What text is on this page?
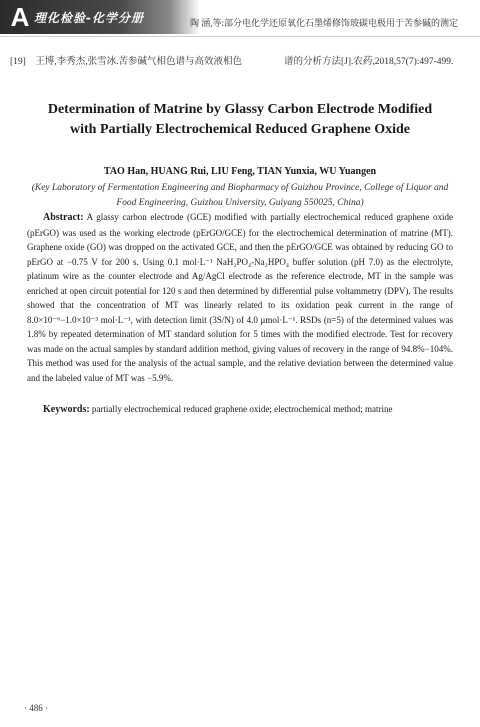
A 理化检验-化学分册	陶 涵,等:部分电化学还原氧化石墨烯修饰玻碳电极用于苦参碱的测定
[19]　王博,李秀杰,张雪冰.苦参碱气相色谱与高效液相色	谱的分析方法[J].农药,2018,57(7):497-499.
Determination of Matrine by Glassy Carbon Electrode Modified with Partially Electrochemical Reduced Graphene Oxide
TAO Han, HUANG Rui, LIU Feng, TIAN Yunxia, WU Yuangen
(Key Laboratory of Fermentation Engineering and Biopharmacy of Guizhou Province, College of Liquor and Food Engineering, Guizhou University, Guiyang 550025, China)
Abstract: A glassy carbon electrode (GCE) modified with partially electrochemical reduced graphene oxide (pErGO) was used as the working electrode (pErGO/GCE) for the electrochemical determination of matrine (MT). Graphene oxide (GO) was dropped on the activated GCE, and then the pErGO/GCE was obtained by reducing GO to pErGO at −0.75 V for 200 s. Using 0.1 mol·L⁻¹ NaH₂PO₄-Na₂HPO₄ buffer solution (pH 7.0) as the electrolyte, platinum wire as the counter electrode and Ag/AgCl electrode as the reference electrode, MT in the sample was enriched at open circuit potential for 120 s and then determined by differential pulse voltammetry (DPV). The results showed that the concentration of MT was linearly related to its oxidation peak current in the range of 8.0×10⁻⁶−1.0×10⁻³ mol·L⁻¹, with detection limit (3S/N) of 4.0 μmol·L⁻¹. RSDs (n=5) of the determined values was 1.8% by repeated determination of MT standard solution for 5 times with the modified electrode. Test for recovery was made on the actual samples by standard addition method, giving values of recovery in the range of 94.8%−104%. This method was used for the analysis of the actual sample, and the relative deviation between the determined value and the labeled value of MT was −5.9%.
Keywords: partially electrochemical reduced graphene oxide; electrochemical method; matrine
· 486 ·
